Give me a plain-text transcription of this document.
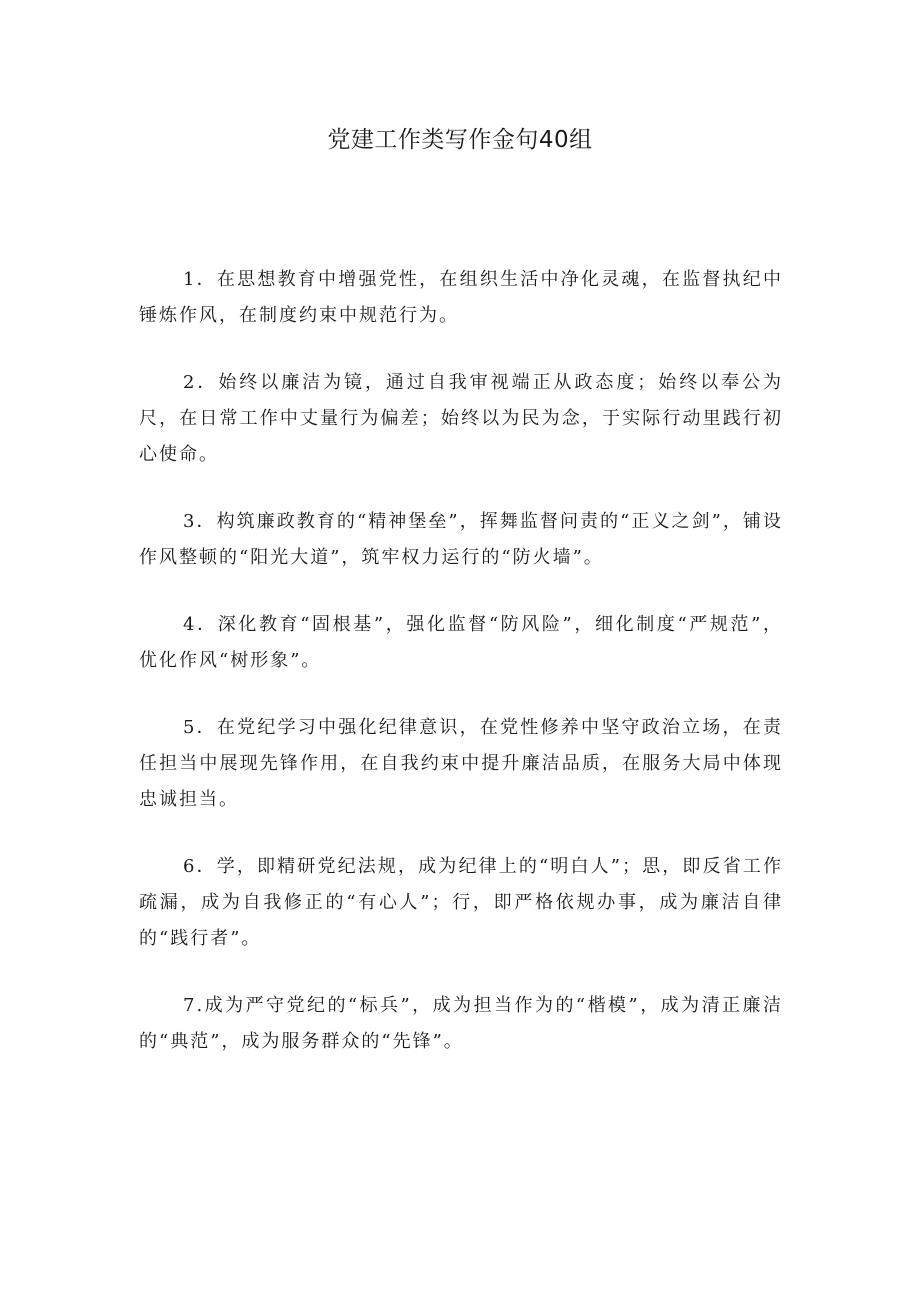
党建工作类写作金句40组

1．在思想教育中增强党性，在组织生活中净化灵魂，在监督执纪中锤炼作风，在制度约束中规范行为。

2．始终以廉洁为镜，通过自我审视端正从政态度；始终以奉公为尺，在日常工作中丈量行为偏差；始终以为民为念，于实际行动里践行初心使命。

3．构筑廉政教育的“精神堡垒”，挥舞监督问责的“正义之剑”，铺设作风整顿的“阳光大道”，筑牢权力运行的“防火墙”。

4．深化教育“固根基”，强化监督“防风险”，细化制度“严规范”，优化作风“树形象”。

5．在党纪学习中强化纪律意识，在党性修养中坚守政治立场，在责任担当中展现先锋作用，在自我约束中提升廉洁品质，在服务大局中体现忠诚担当。

6．学，即精研党纪法规，成为纪律上的“明白人”；思，即反省工作疏漏，成为自我修正的“有心人”；行，即严格依规办事，成为廉洁自律的“践行者”。

7.成为严守党纪的“标兵”，成为担当作为的“楷模”，成为清正廉洁的“典范”，成为服务群众的“先锋”。
